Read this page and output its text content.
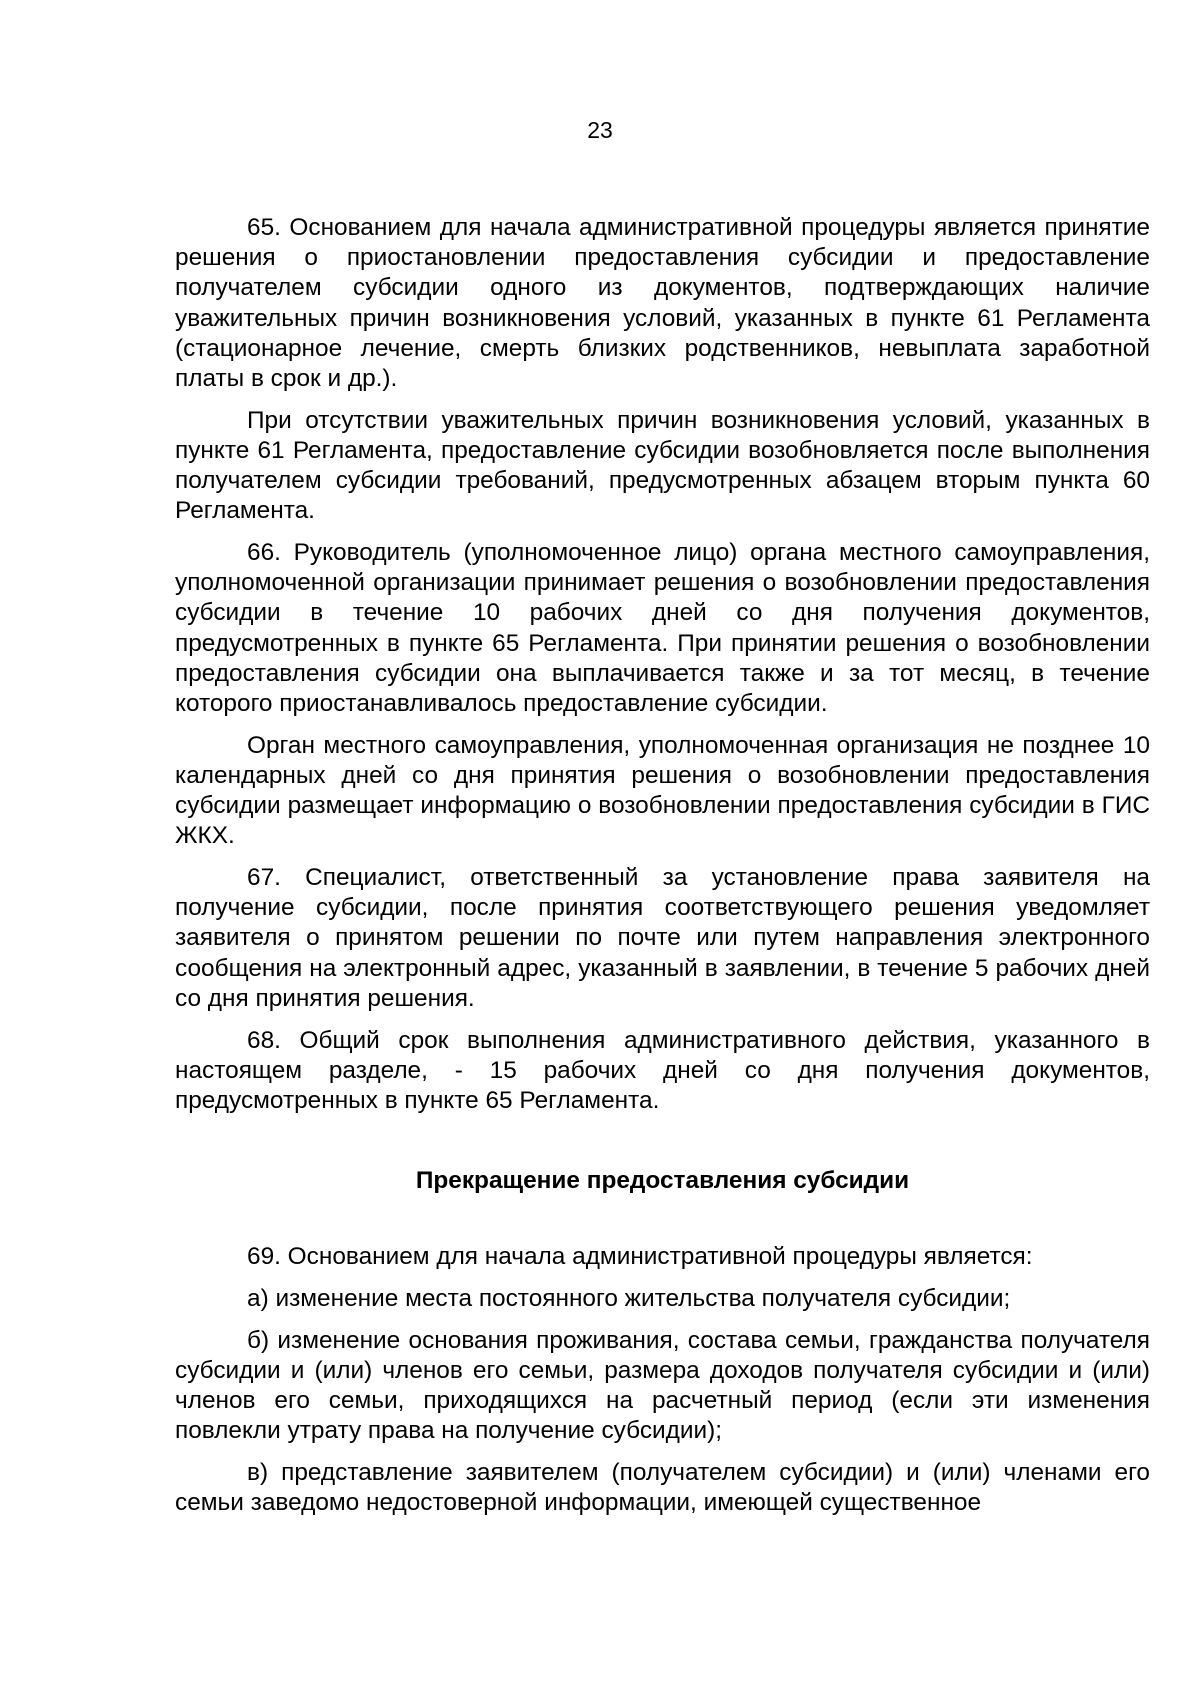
23

65. Основанием для начала административной процедуры является принятие решения о приостановлении предоставления субсидии и предоставление получателем субсидии одного из документов, подтверждающих наличие уважительных причин возникновения условий, указанных в пункте 61 Регламента (стационарное лечение, смерть близких родственников, невыплата заработной платы в срок и др.).

При отсутствии уважительных причин возникновения условий, указанных в пункте 61 Регламента, предоставление субсидии возобновляется после выполнения получателем субсидии требований, предусмотренных абзацем вторым пункта 60 Регламента.

66. Руководитель (уполномоченное лицо) органа местного самоуправления, уполномоченной организации принимает решения о возобновлении предоставления субсидии в течение 10 рабочих дней со дня получения документов, предусмотренных в пункте 65 Регламента. При принятии решения о возобновлении предоставления субсидии она выплачивается также и за тот месяц, в течение которого приостанавливалось предоставление субсидии.

Орган местного самоуправления, уполномоченная организация не позднее 10 календарных дней со дня принятия решения о возобновлении предоставления субсидии размещает информацию о возобновлении предоставления субсидии в ГИС ЖКХ.

67. Специалист, ответственный за установление права заявителя на получение субсидии, после принятия соответствующего решения уведомляет заявителя о принятом решении по почте или путем направления электронного сообщения на электронный адрес, указанный в заявлении, в течение 5 рабочих дней со дня принятия решения.

68. Общий срок выполнения административного действия, указанного в настоящем разделе, - 15 рабочих дней со дня получения документов, предусмотренных в пункте 65 Регламента.

Прекращение предоставления субсидии

69. Основанием для начала административной процедуры является:

а) изменение места постоянного жительства получателя субсидии;

б) изменение основания проживания, состава семьи, гражданства получателя субсидии и (или) членов его семьи, размера доходов получателя субсидии и (или) членов его семьи, приходящихся на расчетный период (если эти изменения повлекли утрату права на получение субсидии);

в) представление заявителем (получателем субсидии) и (или) членами его семьи заведомо недостоверной информации, имеющей существенное
